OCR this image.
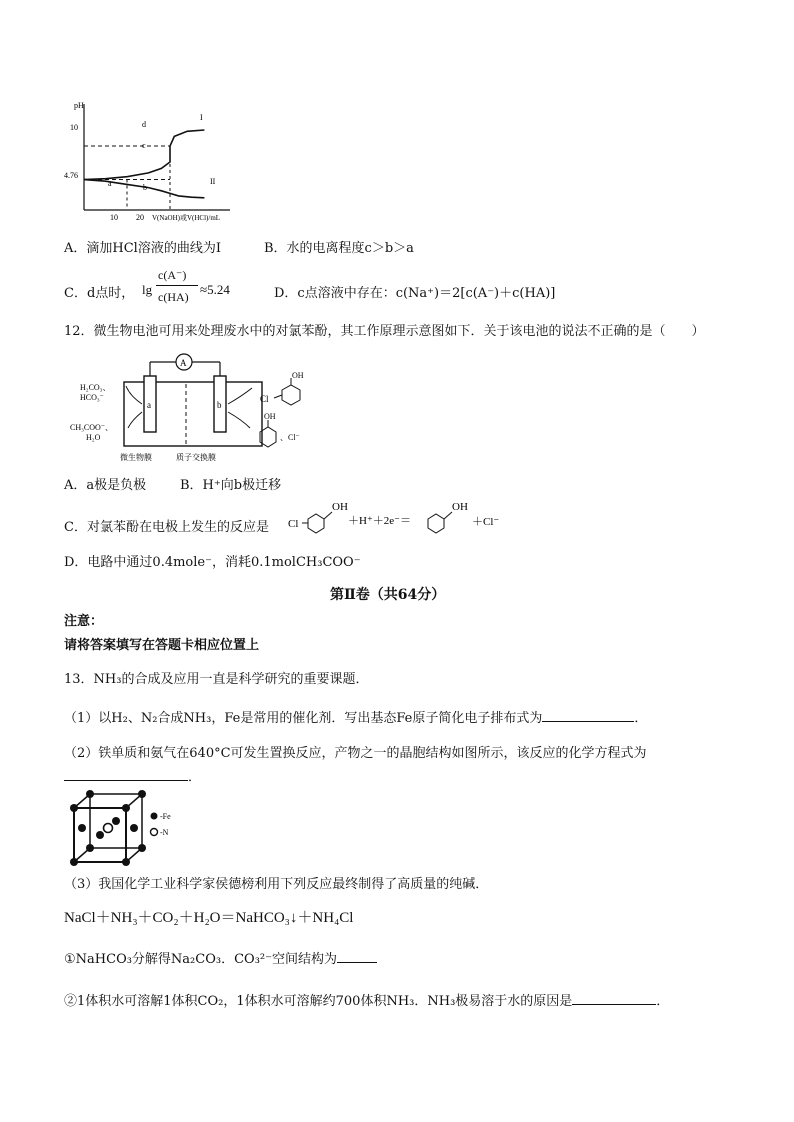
pH
10
4.76
10 20 V(NaOH)或V(HCl)/mL
a	b
c
d
I
II
A．滴加HCl溶液的曲线为I	B．水的电离程度c＞b＞a
C．d点时， lg
c(A⁻)
c(HA) ≈5.24	D．c点溶液中存在：c(Na⁺)＝2[c(A⁻)＋c(HA)]
12．微生物电池可用来处理废水中的对氯苯酚，其工作原理示意图如下．关于该电池的说法不正确的是（　　）
A
a	b
H₂CO₃、
HCO₃⁻
CH₃COO⁻、
H₂O
微生物膜	质子交换膜
Cl
OH
OH
、Cl⁻
A．a极是负极	B．H⁺向b极迁移
C．对氯苯酚在电极上发生的反应是 Cl
OH
＋H⁺＋2e⁻＝
OH
＋Cl⁻
D．电路中通过0.4mole⁻，消耗0.1molCH₃COO⁻
第Ⅱ卷（共64分）
注意：
请将答案填写在答题卡相应位置上
13．NH₃的合成及应用一直是科学研究的重要课题．
（1）以H₂、N₂合成NH₃，Fe是常用的催化剂．写出基态Fe原子简化电子排布式为	．
（2）铁单质和氨气在640°C可发生置换反应，产物之一的晶胞结构如图所示，该反应的化学方程式为
．
-Fe
-N
（3）我国化学工业科学家侯德榜利用下列反应最终制得了高质量的纯碱．
NaCl＋NH₃＋CO₂＋H₂O＝NaHCO₃↓＋NH₄Cl
①NaHCO₃分解得Na₂CO₃．CO₃²⁻空间结构为
②1体积水可溶解1体积CO₂，1体积水可溶解约700体积NH₃．NH₃极易溶于水的原因是	．
